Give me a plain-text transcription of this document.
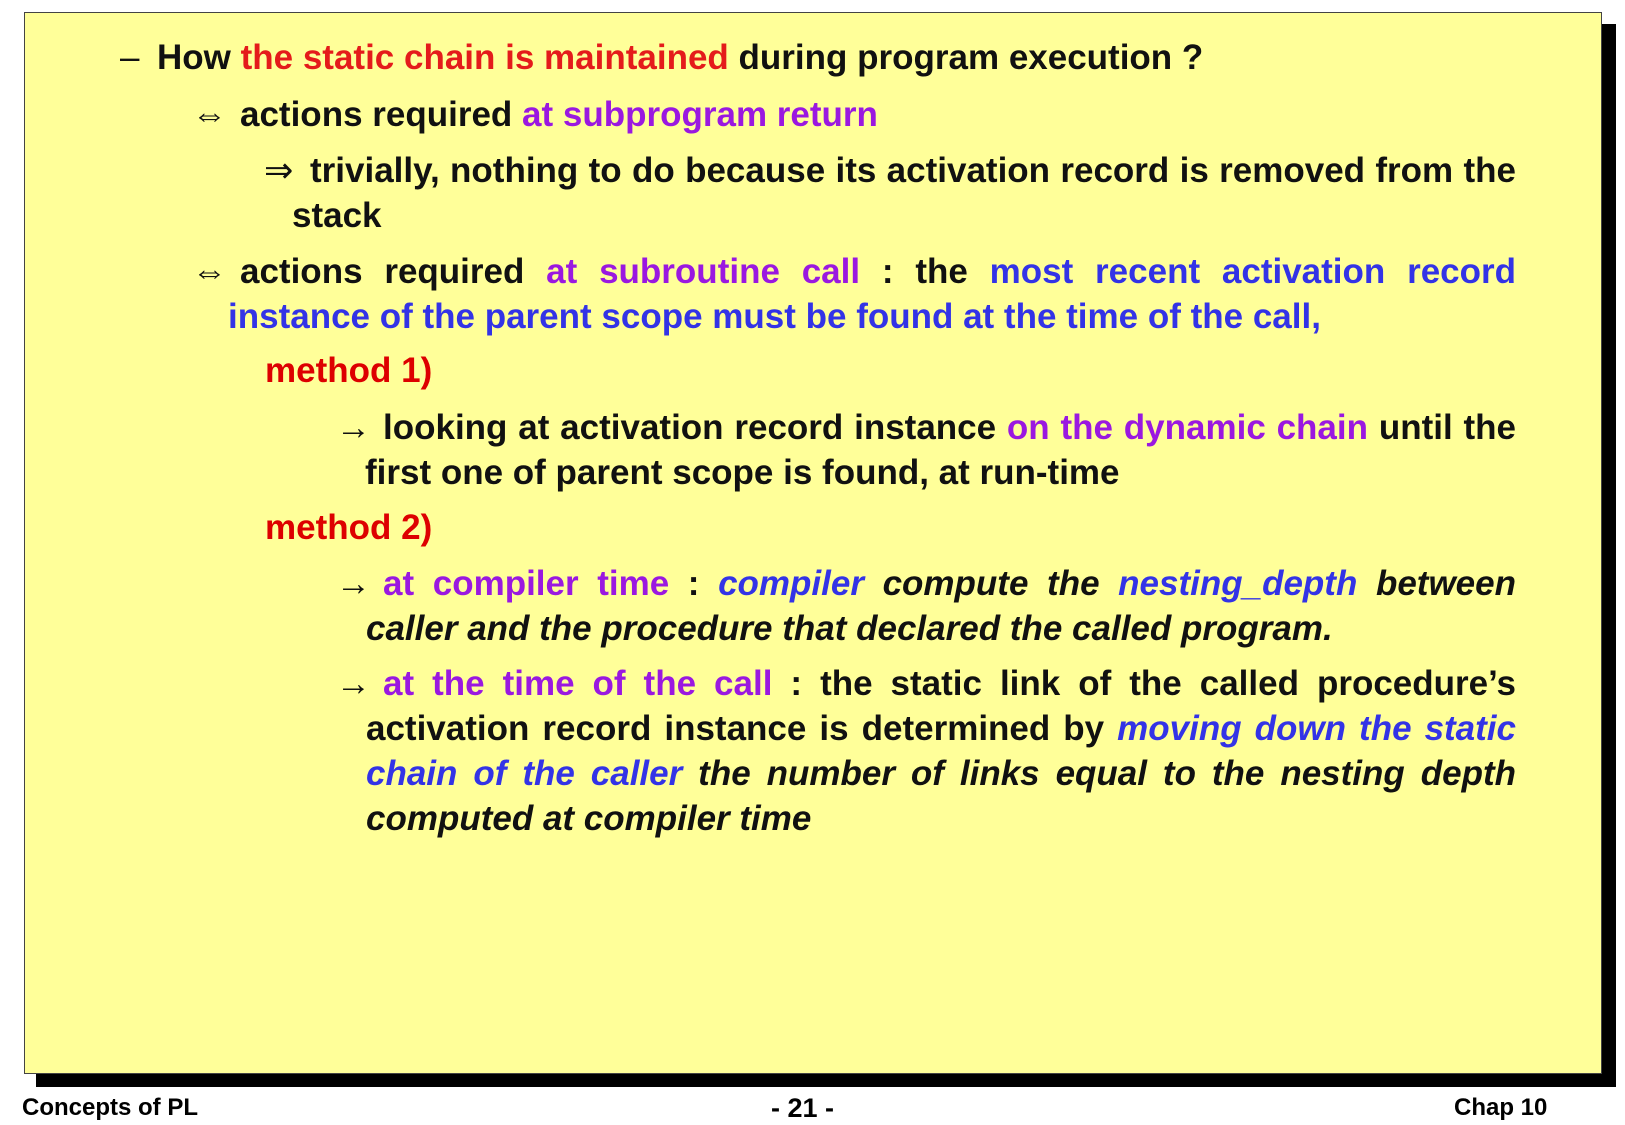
– How the static chain is maintained during program execution ?
⇔ actions required at subprogram return
⇒ trivially, nothing to do because its activation record is removed from the stack
⇔ actions required at subroutine call : the most recent activation record instance of the parent scope must be found at the time of the call,
method 1)
→ looking at activation record instance on the dynamic chain until the first one of parent scope is found, at run-time
method 2)
→ at compiler time : compiler compute the nesting_depth between caller and the procedure that declared the called program.
→ at the time of the call : the static link of the called procedure’s activation record instance is determined by moving down the static chain of the caller the number of links equal to the nesting depth computed at compiler time
Concepts of PL	- 21 -	Chap 10
